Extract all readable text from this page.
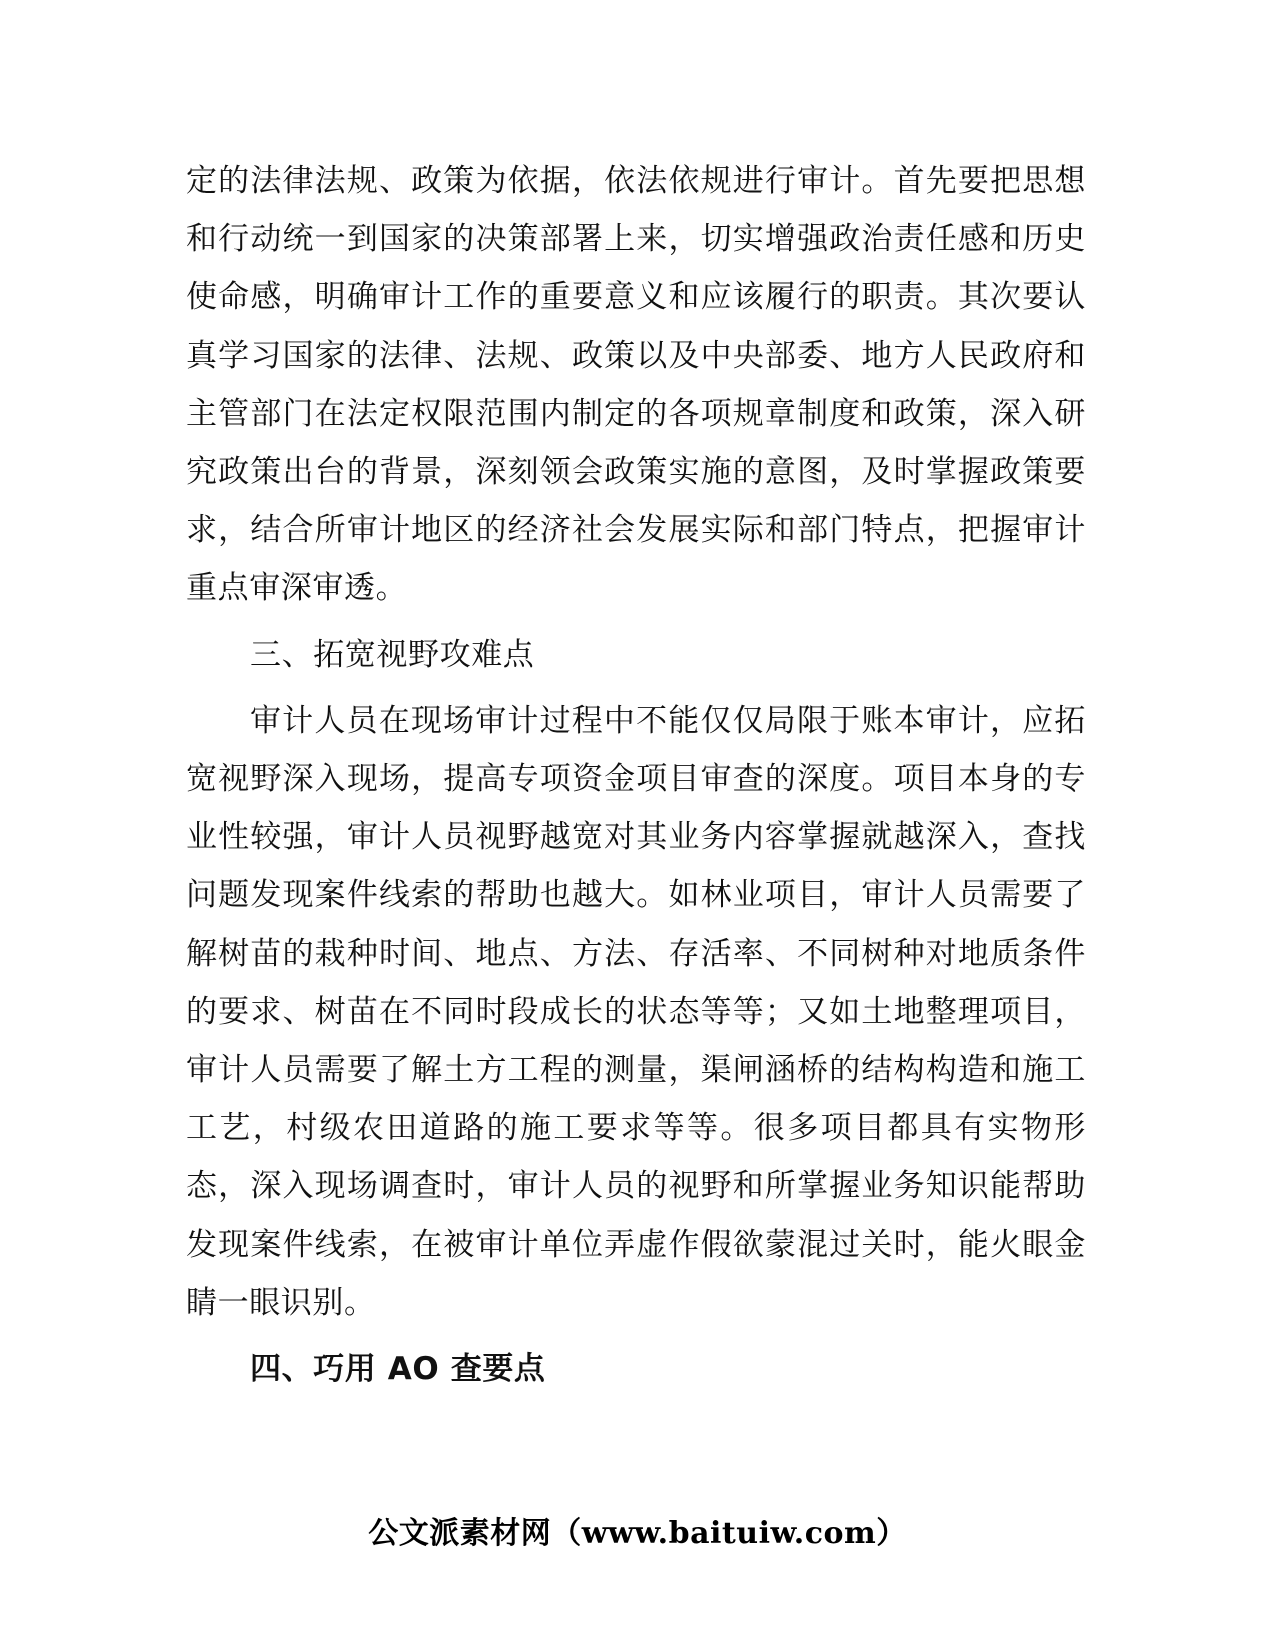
定的法律法规、政策为依据，依法依规进行审计。首先要把思想和行动统一到国家的决策部署上来，切实增强政治责任感和历史使命感，明确审计工作的重要意义和应该履行的职责。其次要认真学习国家的法律、法规、政策以及中央部委、地方人民政府和主管部门在法定权限范围内制定的各项规章制度和政策，深入研究政策出台的背景，深刻领会政策实施的意图，及时掌握政策要求，结合所审计地区的经济社会发展实际和部门特点，把握审计重点审深审透。

三、拓宽视野攻难点

审计人员在现场审计过程中不能仅仅局限于账本审计，应拓宽视野深入现场，提高专项资金项目审查的深度。项目本身的专业性较强，审计人员视野越宽对其业务内容掌握就越深入，查找问题发现案件线索的帮助也越大。如林业项目，审计人员需要了解树苗的栽种时间、地点、方法、存活率、不同树种对地质条件的要求、树苗在不同时段成长的状态等等；又如土地整理项目，审计人员需要了解土方工程的测量，渠闸涵桥的结构构造和施工工艺，村级农田道路的施工要求等等。很多项目都具有实物形态，深入现场调查时，审计人员的视野和所掌握业务知识能帮助发现案件线索，在被审计单位弄虚作假欲蒙混过关时，能火眼金睛一眼识别。

四、巧用 AO 查要点

公文派素材网（www.baituiw.com）
